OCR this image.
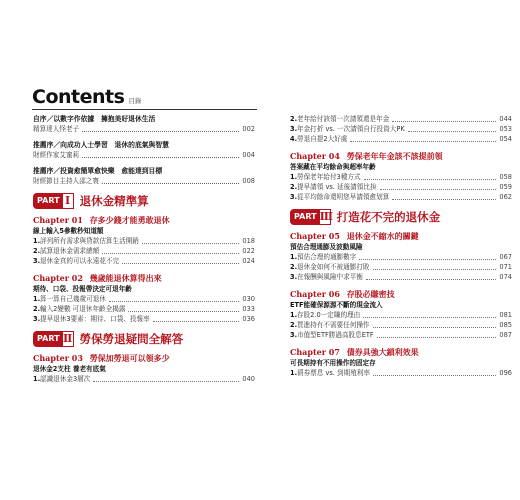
Contents 目錄
自序／以數字作依據　擁抱美好退休生活
精算達人怪老子	002
推薦序／向成功人士學習　退休的底氣與智慧
財經作家艾蜜莉	004
推薦序／投資愈簡單愈快樂　愈能達到目標
財經節目主持人邵之寰	008
PART Ⅰ 退休金精準算
Chapter 01 存多少錢才能勇敢退休
線上輸入5參數秒知道額
1. 評列所有需求與貸款估算生活開銷	018
2. 試算退休金需求總額	022
3. 退休金真的可以永遠花不完	024
Chapter 02 幾歲能退休算得出來
期待、口袋、投報帶決定可退年齡
1. 算一算自己幾歲可退休	030
2. 輸入2變數 可退休年齡全揭露	033
3. 提早退休3要素：期待、口袋、投報率	036
PART Ⅱ 勞保勞退疑問全解答
Chapter 03 勞保加勞退可以領多少
退休金2支柱 養老有底氣
1. 認識退休金3層次	040
2. 老年給付該領一次請領還是年金	044
3. 年金打折 vs. 一次請領自行投資大PK	053
4. 勞退自提2大好處	054
Chapter 04 勞保老年年金該不該提前領
答案藏在平均餘命與超率年齡
1. 勞保老年給付3種方式	058
2. 提早請領 vs. 延後請領比拚	059
3. 從平均餘命還明您早請領愈划算	062
PART Ⅲ 打造花不完的退休金
Chapter 05 退休金不縮水的關鍵
預估合理通膨及波動風險
1. 預估合理的通膨數字	067
2. 退休金如何不被通膨打敗	071
3. 在報酬與風險中求平衡	074
Chapter 06 存股必賺密技
ETF能確保源源不斷的現金流入
1. 存股2.0一定賺的理由	081
2. 買進持有不需要任何操作	085
3. 市值型ETF勝過高股息ETF	087
Chapter 07 債券具強大鎖利效果
可長期持有不用操作的固定存
1. 債券票息 vs. 到期殖利率	096
